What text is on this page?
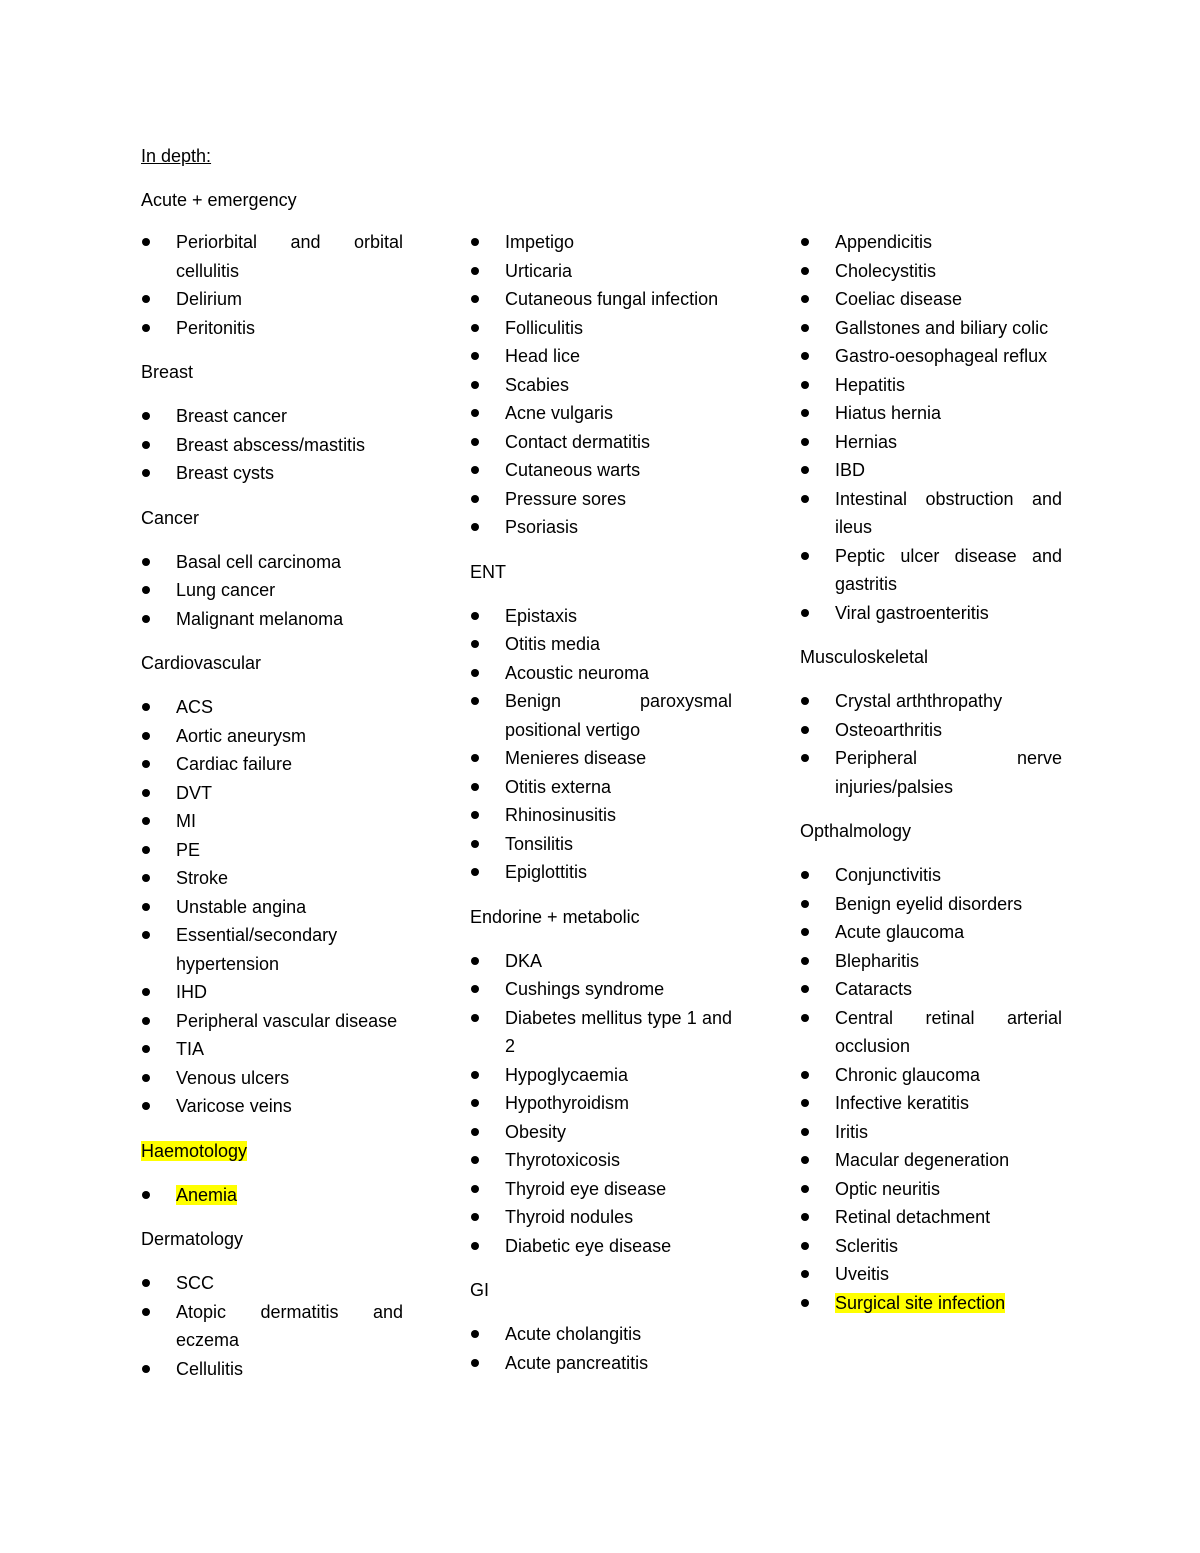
In depth:
Acute + emergency
Periorbital and orbital cellulitis
Delirium
Peritonitis
Breast
Breast cancer
Breast abscess/mastitis
Breast cysts
Cancer
Basal cell carcinoma
Lung cancer
Malignant melanoma
Cardiovascular
ACS
Aortic aneurysm
Cardiac failure
DVT
MI
PE
Stroke
Unstable angina
Essential/secondary hypertension
IHD
Peripheral vascular disease
TIA
Venous ulcers
Varicose veins
Haemotology
Anemia
Dermatology
SCC
Atopic dermatitis and eczema
Cellulitis
Impetigo
Urticaria
Cutaneous fungal infection
Folliculitis
Head lice
Scabies
Acne vulgaris
Contact dermatitis
Cutaneous warts
Pressure sores
Psoriasis
ENT
Epistaxis
Otitis media
Acoustic neuroma
Benign paroxysmal positional vertigo
Menieres disease
Otitis externa
Rhinosinusitis
Tonsilitis
Epiglottitis
Endorine + metabolic
DKA
Cushings syndrome
Diabetes mellitus type 1 and 2
Hypoglycaemia
Hypothyroidism
Obesity
Thyrotoxicosis
Thyroid eye disease
Thyroid nodules
Diabetic eye disease
GI
Acute cholangitis
Acute pancreatitis
Appendicitis
Cholecystitis
Coeliac disease
Gallstones and biliary colic
Gastro-oesophageal reflux
Hepatitis
Hiatus hernia
Hernias
IBD
Intestinal obstruction and ileus
Peptic ulcer disease and gastritis
Viral gastroenteritis
Musculoskeletal
Crystal arththropathy
Osteoarthritis
Peripheral nerve injuries/palsies
Opthalmology
Conjunctivitis
Benign eyelid disorders
Acute glaucoma
Blepharitis
Cataracts
Central retinal arterial occlusion
Chronic glaucoma
Infective keratitis
Iritis
Macular degeneration
Optic neuritis
Retinal detachment
Scleritis
Uveitis
Surgical site infection
